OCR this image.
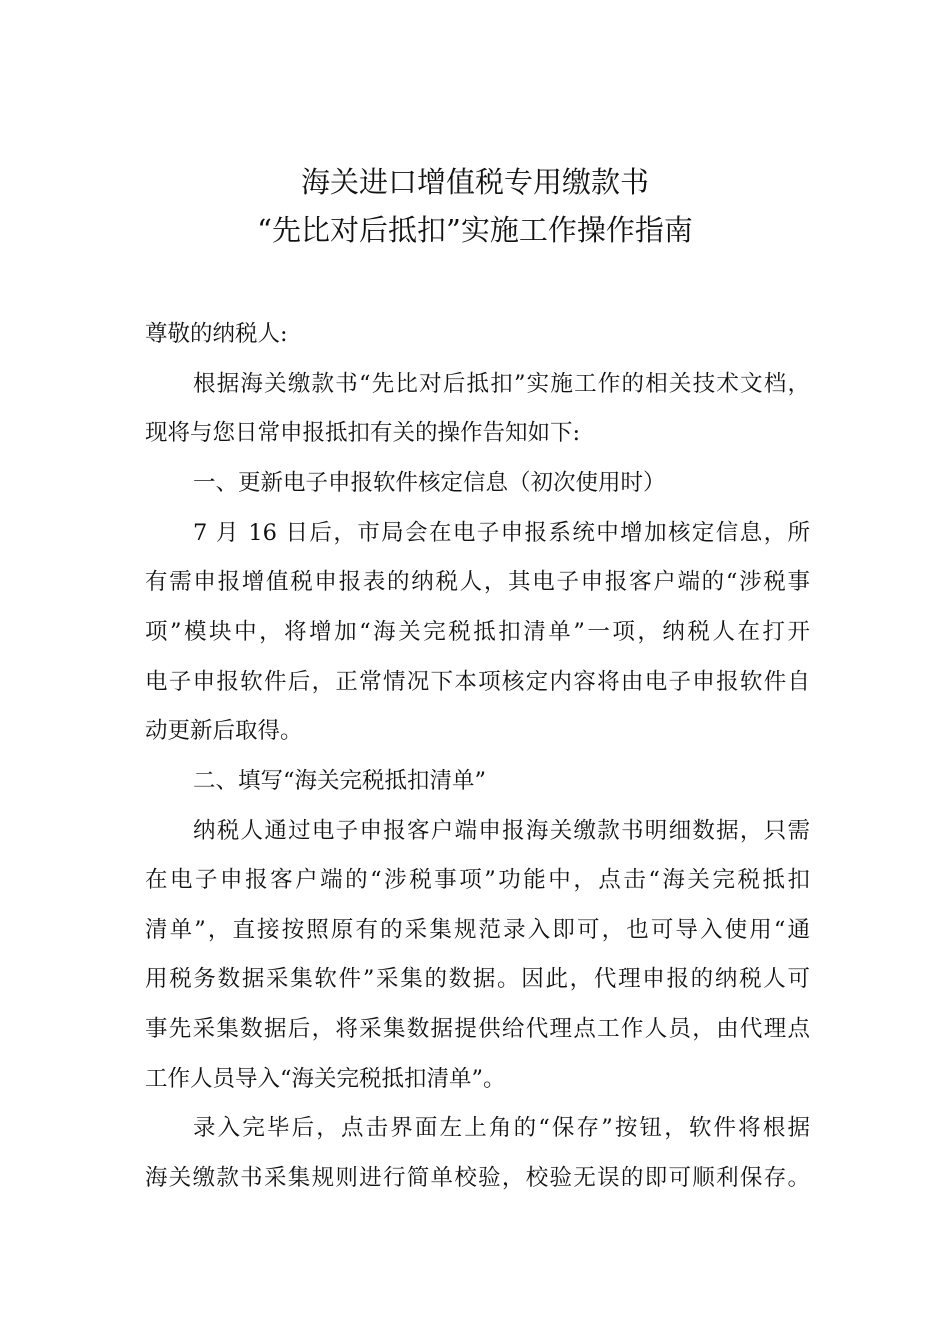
海关进口增值税专用缴款书
“先比对后抵扣”实施工作操作指南
尊敬的纳税人:
根据海关缴款书“先比对后抵扣”实施工作的相关技术文档，
现将与您日常申报抵扣有关的操作告知如下:
一、更新电子申报软件核定信息（初次使用时）
7 月 16 日后，市局会在电子申报系统中增加核定信息，所
有需申报增值税申报表的纳税人，其电子申报客户端的“涉税事
项”模块中，将增加“海关完税抵扣清单”一项，纳税人在打开
电子申报软件后，正常情况下本项核定内容将由电子申报软件自
动更新后取得。
二、填写“海关完税抵扣清单”
纳税人通过电子申报客户端申报海关缴款书明细数据，只需
在电子申报客户端的“涉税事项”功能中，点击“海关完税抵扣
清单”，直接按照原有的采集规范录入即可，也可导入使用“通
用税务数据采集软件”采集的数据。因此，代理申报的纳税人可
事先采集数据后，将采集数据提供给代理点工作人员，由代理点
工作人员导入“海关完税抵扣清单”。
录入完毕后，点击界面左上角的“保存”按钮，软件将根据
海关缴款书采集规则进行简单校验，校验无误的即可顺利保存。
